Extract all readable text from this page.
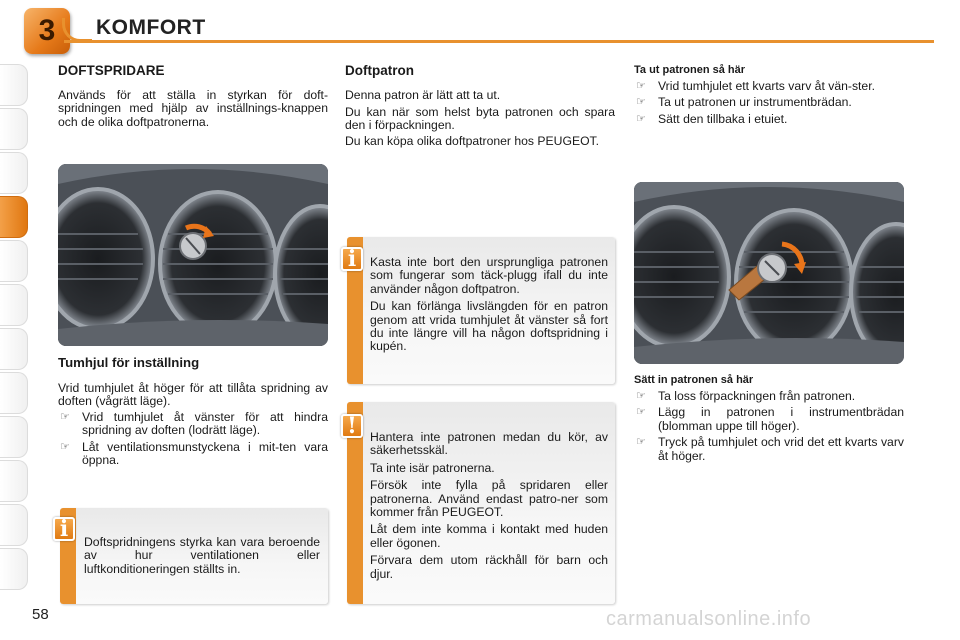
3	KOMFORT
DOFTSPRIDARE
Används för att ställa in styrkan för doft-spridningen med hjälp av inställnings-knappen och de olika doftpatronerna.
Tumhjul för inställning
Vrid tumhjulet åt höger för att tillåta spridning av doften (vågrätt läge).
☞ Vrid tumhjulet åt vänster för att hindra spridning av doften (lodrätt läge).
☞ Låt ventilationsmunstyckena i mit-ten vara öppna.
i	Doftspridningens styrka kan vara beroende av hur ventilationen eller luftkonditioneringen ställts in.
Doftpatron
Denna patron är lätt att ta ut.
Du kan när som helst byta patronen och spara den i förpackningen.
Du kan köpa olika doftpatroner hos PEUGEOT.
i	Kasta inte bort den ursprungliga patronen som fungerar som täck-plugg ifall du inte använder någon doftpatron.

Du kan förlänga livslängden för en patron genom att vrida tumhjulet åt vänster så fort du inte längre vill ha någon doftspridning i kupén.

!	Hantera inte patronen medan du kör, av säkerhetsskäl.

Ta inte isär patronerna.

Försök inte fylla på spridaren eller patronerna. Använd endast patro-ner som kommer från PEUGEOT.

Låt dem inte komma i kontakt med huden eller ögonen.

Förvara dem utom räckhåll för barn och djur.

Ta ut patronen så här
☞ Vrid tumhjulet ett kvarts varv åt vän-ster.
☞ Ta ut patronen ur instrumentbrädan.
☞ Sätt den tillbaka i etuiet.
Sätt in patronen så här
☞ Ta loss förpackningen från patronen.
☞ Lägg in patronen i instrumentbrädan (blomman uppe till höger).
☞ Tryck på tumhjulet och vrid det ett kvarts varv åt höger.
58	carmanualsonline.info
